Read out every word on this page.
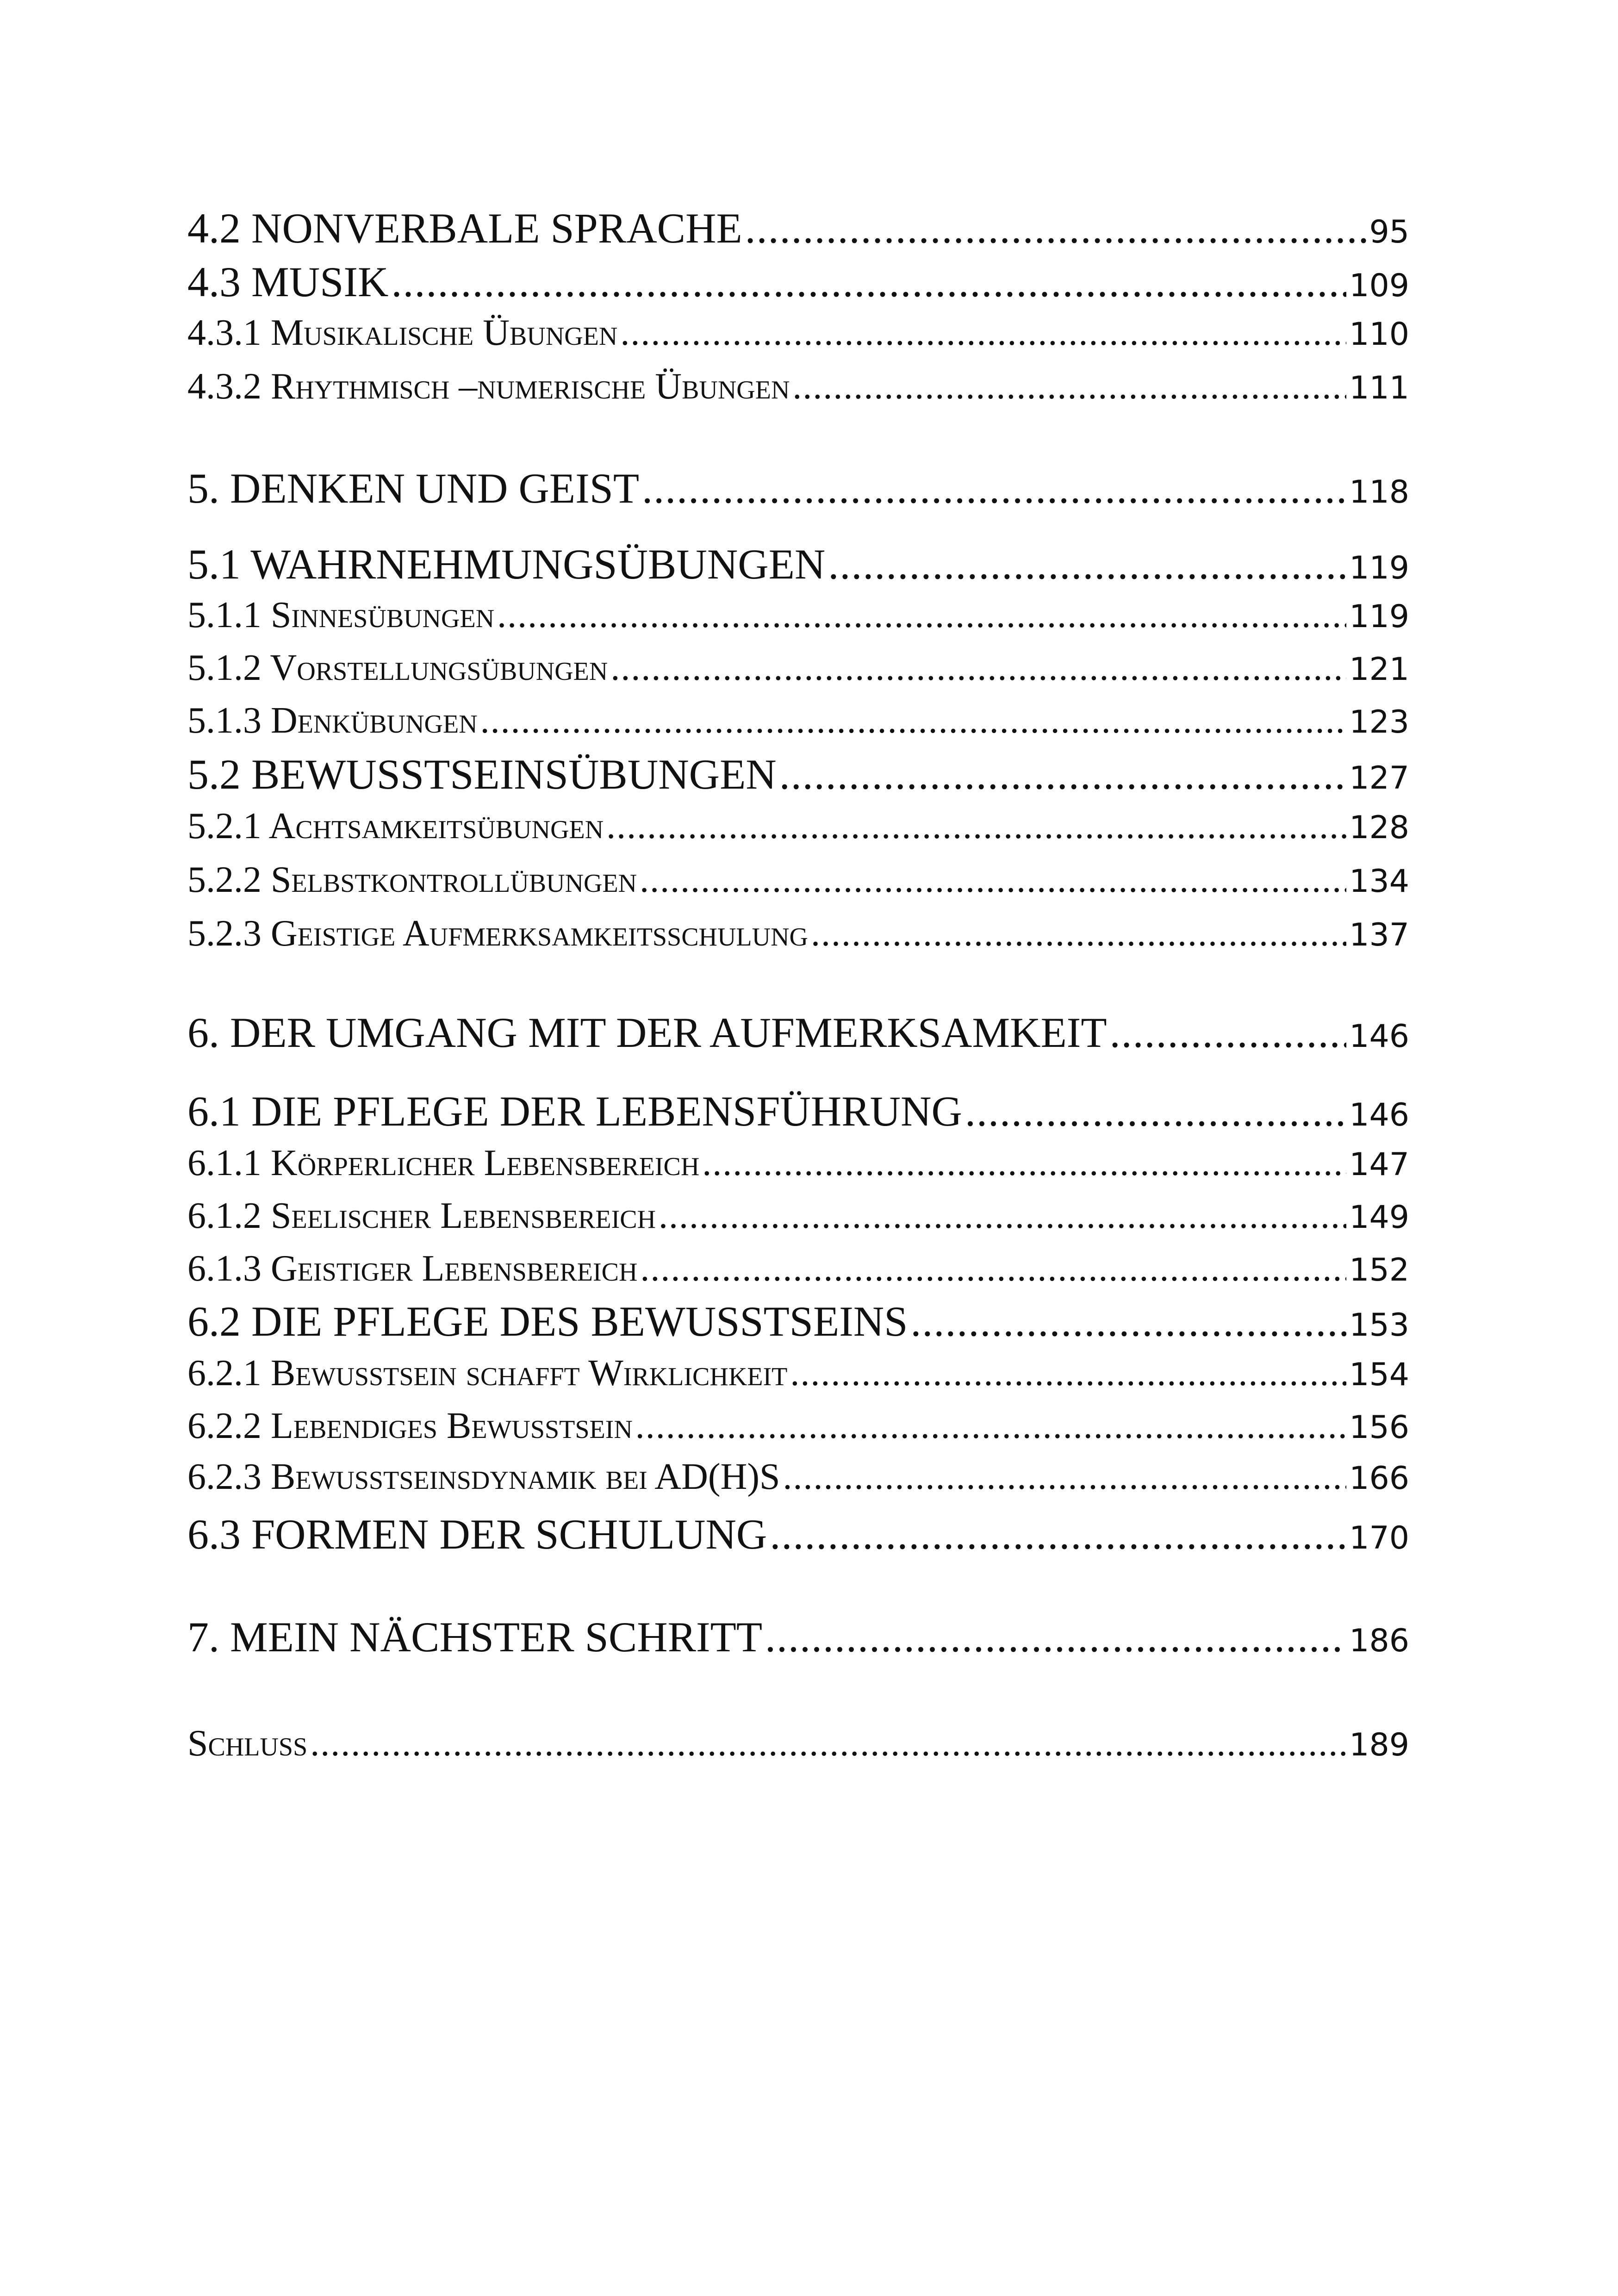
4.2 NONVERBALE SPRACHE .....	95
4.3 MUSIK .....	109
4.3.1 Musikalische Übungen .....	110
4.3.2 Rhythmisch –numerische Übungen .....	111
5. DENKEN UND GEIST .....	118
5.1 WAHRNEHMUNGSÜBUNGEN .....	119
5.1.1 Sinnesübungen .....	119
5.1.2 Vorstellungsübungen .....	121
5.1.3 Denkübungen .....	123
5.2 BEWUSSTSEINSÜBUNGEN .....	127
5.2.1 Achtsamkeitsübungen .....	128
5.2.2 Selbstkontrollübungen .....	134
5.2.3 Geistige Aufmerksamkeitsschulung .....	137
6. DER UMGANG MIT DER AUFMERKSAMKEIT .....	146
6.1 DIE PFLEGE DER LEBENSFÜHRUNG .....	146
6.1.1 Körperlicher Lebensbereich .....	147
6.1.2 Seelischer Lebensbereich .....	149
6.1.3 Geistiger Lebensbereich .....	152
6.2 DIE PFLEGE DES BEWUSSTSEINS .....	153
6.2.1 Bewusstsein schafft Wirklichkeit .....	154
6.2.2 Lebendiges Bewusstsein .....	156
6.2.3 Bewusstseinsdynamik bei AD(H)S .....	166
6.3 FORMEN DER SCHULUNG .....	170
7. MEIN NÄCHSTER SCHRITT .....	186
Schluss .....	189
